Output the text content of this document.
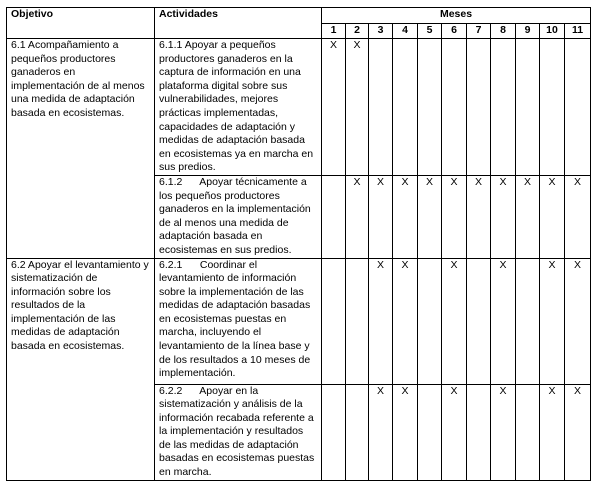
Objetivo	Actividades	Meses										
		1	2	3	4	5	6	7	8	9	10	11
6.1 Acompañamiento a pequeños productores ganaderos en implementación de al menos una medida de adaptación basada en ecosistemas.	6.1.1 Apoyar a pequeños productores ganaderos en la captura de información en una plataforma digital sobre sus vulnerabilidades, mejores prácticas implementadas, capacidades de adaptación y medidas de adaptación basada en ecosistemas ya en marcha en sus predios.	X	X									
	6.1.2      Apoyar técnicamente a los pequeños productores ganaderos en la implementación de al menos una medida de adaptación basada en ecosistemas en sus predios.		X	X	X	X	X	X	X	X	X	X
6.2 Apoyar el levantamiento y sistematización de información sobre los resultados de la implementación de las medidas de adaptación basada en ecosistemas.	6.2.1      Coordinar el levantamiento de información sobre la implementación de las medidas de adaptación basadas en ecosistemas puestas en marcha, incluyendo el levantamiento de la línea base y de los resultados a 10 meses de implementación.			X	X		X		X		X	X
	6.2.2      Apoyar en la sistematización y análisis de la información recabada referente a la implementación y resultados de las medidas de adaptación basadas en ecosistemas puestas en marcha.			X	X		X		X		X	X
